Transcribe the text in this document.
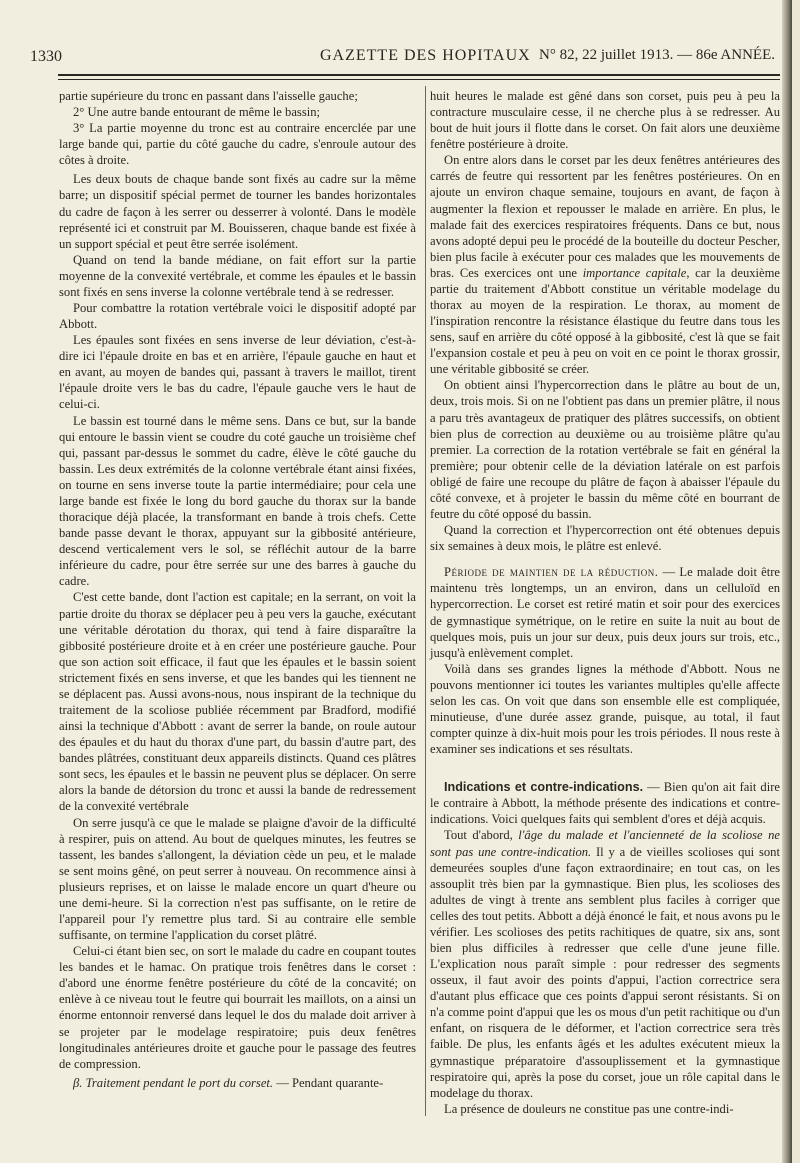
1330	GAZETTE DES HOPITAUX N° 82, 22 juillet 1913. — 86e ANNÉE.

partie supérieure du tronc en passant dans l'aisselle gauche;

2° Une autre bande entourant de même le bassin;

3° La partie moyenne du tronc est au contraire encerclée par une large bande qui, partie du côté gauche du cadre, s'enroule autour des côtes à droite.

Les deux bouts de chaque bande sont fixés au cadre sur la même barre; un dispositif spécial permet de tourner les bandes horizontales du cadre de façon à les serrer ou desserrer à volonté. Dans le modèle représenté ici et construit par M. Bouisseren, chaque bande est fixée à un support spécial et peut être serrée isolément.

Quand on tend la bande médiane, on fait effort sur la partie moyenne de la convexité vertébrale, et comme les épaules et le bassin sont fixés en sens inverse la colonne vertébrale tend à se redresser.

Pour combattre la rotation vertébrale voici le dispositif adopté par Abbott.

Les épaules sont fixées en sens inverse de leur déviation, c'est-à-dire ici l'épaule droite en bas et en arrière, l'épaule gauche en haut et en avant, au moyen de bandes qui, passant à travers le maillot, tirent l'épaule droite vers le bas du cadre, l'épaule gauche vers le haut de celui-ci.

Le bassin est tourné dans le même sens. Dans ce but, sur la bande qui entoure le bassin vient se coudre du coté gauche un troisième chef qui, passant par-dessus le sommet du cadre, élève le côté gauche du bassin. Les deux extrémités de la colonne vertébrale étant ainsi fixées, on tourne en sens inverse toute la partie intermédiaire; pour cela une large bande est fixée le long du bord gauche du thorax sur la bande thoracique déjà placée, la transformant en bande à trois chefs. Cette bande passe devant le thorax, appuyant sur la gibbosité antérieure, descend verticalement vers le sol, se réfléchit autour de la barre inférieure du cadre, pour être serrée sur une des barres à gauche du cadre.

C'est cette bande, dont l'action est capitale; en la serrant, on voit la partie droite du thorax se déplacer peu à peu vers la gauche, exécutant une véritable dérotation du thorax, qui tend à faire disparaître la gibbosité postérieure droite et à en créer une postérieure gauche. Pour que son action soit efficace, il faut que les épaules et le bassin soient strictement fixés en sens inverse, et que les bandes qui les tiennent ne se déplacent pas. Aussi avons-nous, nous inspirant de la technique du traitement de la scoliose publiée récemment par Bradford, modifié ainsi la technique d'Abbott : avant de serrer la bande, on roule autour des épaules et du haut du thorax d'une part, du bassin d'autre part, des bandes plâtrées, constituant deux appareils distincts. Quand ces plâtres sont secs, les épaules et le bassin ne peuvent plus se déplacer. On serre alors la bande de détorsion du tronc et aussi la bande de redressement de la convexité vertébrale

On serre jusqu'à ce que le malade se plaigne d'avoir de la difficulté à respirer, puis on attend. Au bout de quelques minutes, les feutres se tassent, les bandes s'allongent, la déviation cède un peu, et le malade se sent moins gêné, on peut serrer à nouveau. On recommence ainsi à plusieurs reprises, et on laisse le malade encore un quart d'heure ou une demi-heure. Si la correction n'est pas suffisante, on le retire de l'appareil pour l'y remettre plus tard. Si au contraire elle semble suffisante, on termine l'application du corset plâtré.

Celui-ci étant bien sec, on sort le malade du cadre en coupant toutes les bandes et le hamac. On pratique trois fenêtres dans le corset : d'abord une énorme fenêtre postérieure du côté de la concavité; on enlève à ce niveau tout le feutre qui bourrait les maillots, on a ainsi un énorme entonnoir renversé dans lequel le dos du malade doit arriver à se projeter par le modelage respiratoire; puis deux fenêtres longitudinales antérieures droite et gauche pour le passage des feutres de compression.

β. Traitement pendant le port du corset. — Pendant quarante-

huit heures le malade est gêné dans son corset, puis peu à peu la contracture musculaire cesse, il ne cherche plus à se redresser. Au bout de huit jours il flotte dans le corset. On fait alors une deuxième fenêtre postérieure à droite.

On entre alors dans le corset par les deux fenêtres antérieures des carrés de feutre qui ressortent par les fenêtres postérieures. On en ajoute un environ chaque semaine, toujours en avant, de façon à augmenter la flexion et repousser le malade en arrière. En plus, le malade fait des exercices respiratoires fréquents. Dans ce but, nous avons adopté depui peu le procédé de la bouteille du docteur Pescher, bien plus facile à exécuter pour ces malades que les mouvements de bras. Ces exercices ont une importance capitale, car la deuxième partie du traitement d'Abbott constitue un véritable modelage du thorax au moyen de la respiration. Le thorax, au moment de l'inspiration rencontre la résistance élastique du feutre dans tous les sens, sauf en arrière du côté opposé à la gibbosité, c'est là que se fait l'expansion costale et peu à peu on voit en ce point le thorax grossir, une véritable gibbosité se créer.

On obtient ainsi l'hypercorrection dans le plâtre au bout de un, deux, trois mois. Si on ne l'obtient pas dans un premier plâtre, il nous a paru très avantageux de pratiquer des plâtres successifs, on obtient bien plus de correction au deuxième ou au troisième plâtre qu'au premier. La correction de la rotation vertébrale se fait en général la première; pour obtenir celle de la déviation latérale on est parfois obligé de faire une recoupe du plâtre de façon à abaisser l'épaule du côté convexe, et à projeter le bassin du même côté en bourrant de feutre du côté opposé du bassin.

Quand la correction et l'hypercorrection ont été obtenues depuis six semaines à deux mois, le plâtre est enlevé.

Période de maintien de la réduction. — Le malade doit être maintenu très longtemps, un an environ, dans un celluloïd en hypercorrection. Le corset est retiré matin et soir pour des exercices de gymnastique symétrique, on le retire en suite la nuit au bout de quelques mois, puis un jour sur deux, puis deux jours sur trois, etc., jusqu'à enlèvement complet.

Voilà dans ses grandes lignes la méthode d'Abbott. Nous ne pouvons mentionner ici toutes les variantes multiples qu'elle affecte selon les cas. On voit que dans son ensemble elle est compliquée, minutieuse, d'une durée assez grande, puisque, au total, il faut compter quinze à dix-huit mois pour les trois périodes. Il nous reste à examiner ses indications et ses résultats.

Indications et contre-indications. — Bien qu'on ait fait dire le contraire à Abbott, la méthode présente des indications et contre-indications. Voici quelques faits qui semblent d'ores et déjà acquis.

Tout d'abord, l'âge du malade et l'ancienneté de la scoliose ne sont pas une contre-indication. Il y a de vieilles scolioses qui sont demeurées souples d'une façon extraordinaire; en tout cas, on les assouplit très bien par la gymnastique. Bien plus, les scolioses des adultes de vingt à trente ans semblent plus faciles à corriger que celles des tout petits. Abbott a déjà énoncé le fait, et nous avons pu le vérifier. Les scolioses des petits rachitiques de quatre, six ans, sont bien plus difficiles à redresser que celle d'une jeune fille. L'explication nous paraît simple : pour redresser des segments osseux, il faut avoir des points d'appui, l'action correctrice sera d'autant plus efficace que ces points d'appui seront résistants. Si on n'a comme point d'appui que les os mous d'un petit rachitique ou d'un enfant, on risquera de le déformer, et l'action correctrice sera très faible. De plus, les enfants âgés et les adultes exécutent mieux la gymnastique préparatoire d'assouplissement et la gymnastique respiratoire qui, après la pose du corset, joue un rôle capital dans le modelage du thorax.

La présence de douleurs ne constitue pas une contre-indi-
